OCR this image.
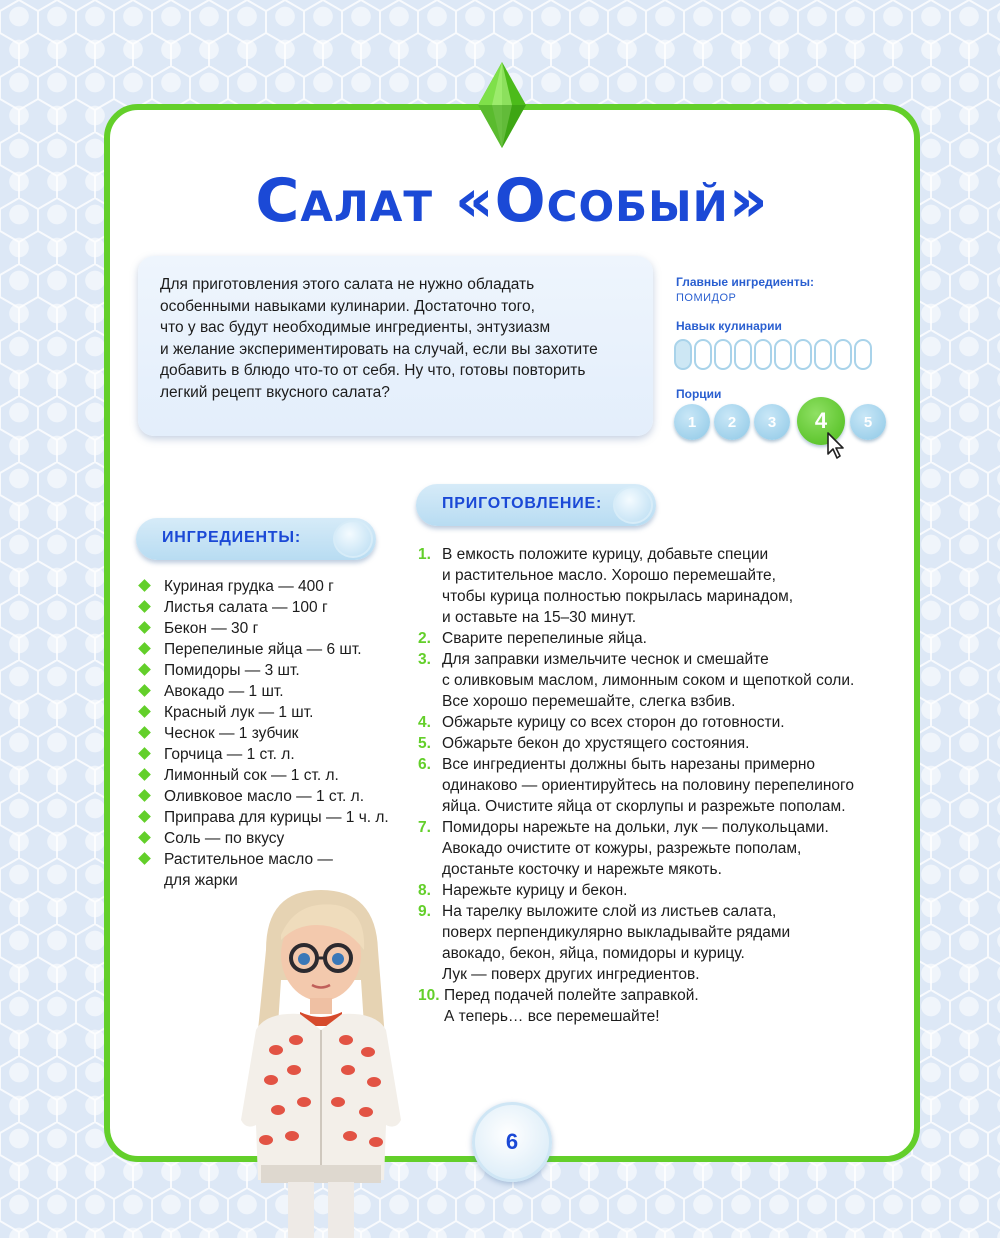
Салат «Особый»
Для приготовления этого салата не нужно обладать
особенными навыками кулинарии. Достаточно того,
что у вас будут необходимые ингредиенты, энтузиазм
и желание экспериментировать на случай, если вы захотите
добавить в блюдо что-то от себя. Ну что, готовы повторить
легкий рецепт вкусного салата?
Главные ингредиенты:
ПОМИДОР
Навык кулинарии
Порции
1	2	3	4	5
ИНГРЕДИЕНТЫ:
Куриная грудка — 400 г
Листья салата — 100 г
Бекон — 30 г
Перепелиные яйца — 6 шт.
Помидоры — 3 шт.
Авокадо — 1 шт.
Красный лук — 1 шт.
Чеснок — 1 зубчик
Горчица — 1 ст. л.
Лимонный сок — 1 ст. л.
Оливковое масло — 1 ст. л.
Приправа для курицы — 1 ч. л.
Соль — по вкусу
Растительное масло —
для жарки
ПРИГОТОВЛЕНИЕ:
1. В емкость положите курицу, добавьте специи
и растительное масло. Хорошо перемешайте,
чтобы курица полностью покрылась маринадом,
и оставьте на 15–30 минут.
2. Сварите перепелиные яйца.
3. Для заправки измельчите чеснок и смешайте
с оливковым маслом, лимонным соком и щепоткой соли.
Все хорошо перемешайте, слегка взбив.
4. Обжарьте курицу со всех сторон до готовности.
5. Обжарьте бекон до хрустящего состояния.
6. Все ингредиенты должны быть нарезаны примерно
одинаково — ориентируйтесь на половину перепелиного
яйца. Очистите яйца от скорлупы и разрежьте пополам.
7. Помидоры нарежьте на дольки, лук — полукольцами.
Авокадо очистите от кожуры, разрежьте пополам,
достаньте косточку и нарежьте мякоть.
8. Нарежьте курицу и бекон.
9. На тарелку выложите слой из листьев салата,
поверх перпендикулярно выкладывайте рядами
авокадо, бекон, яйца, помидоры и курицу.
Лук — поверх других ингредиентов.
10. Перед подачей полейте заправкой.
А теперь… все перемешайте!
6
